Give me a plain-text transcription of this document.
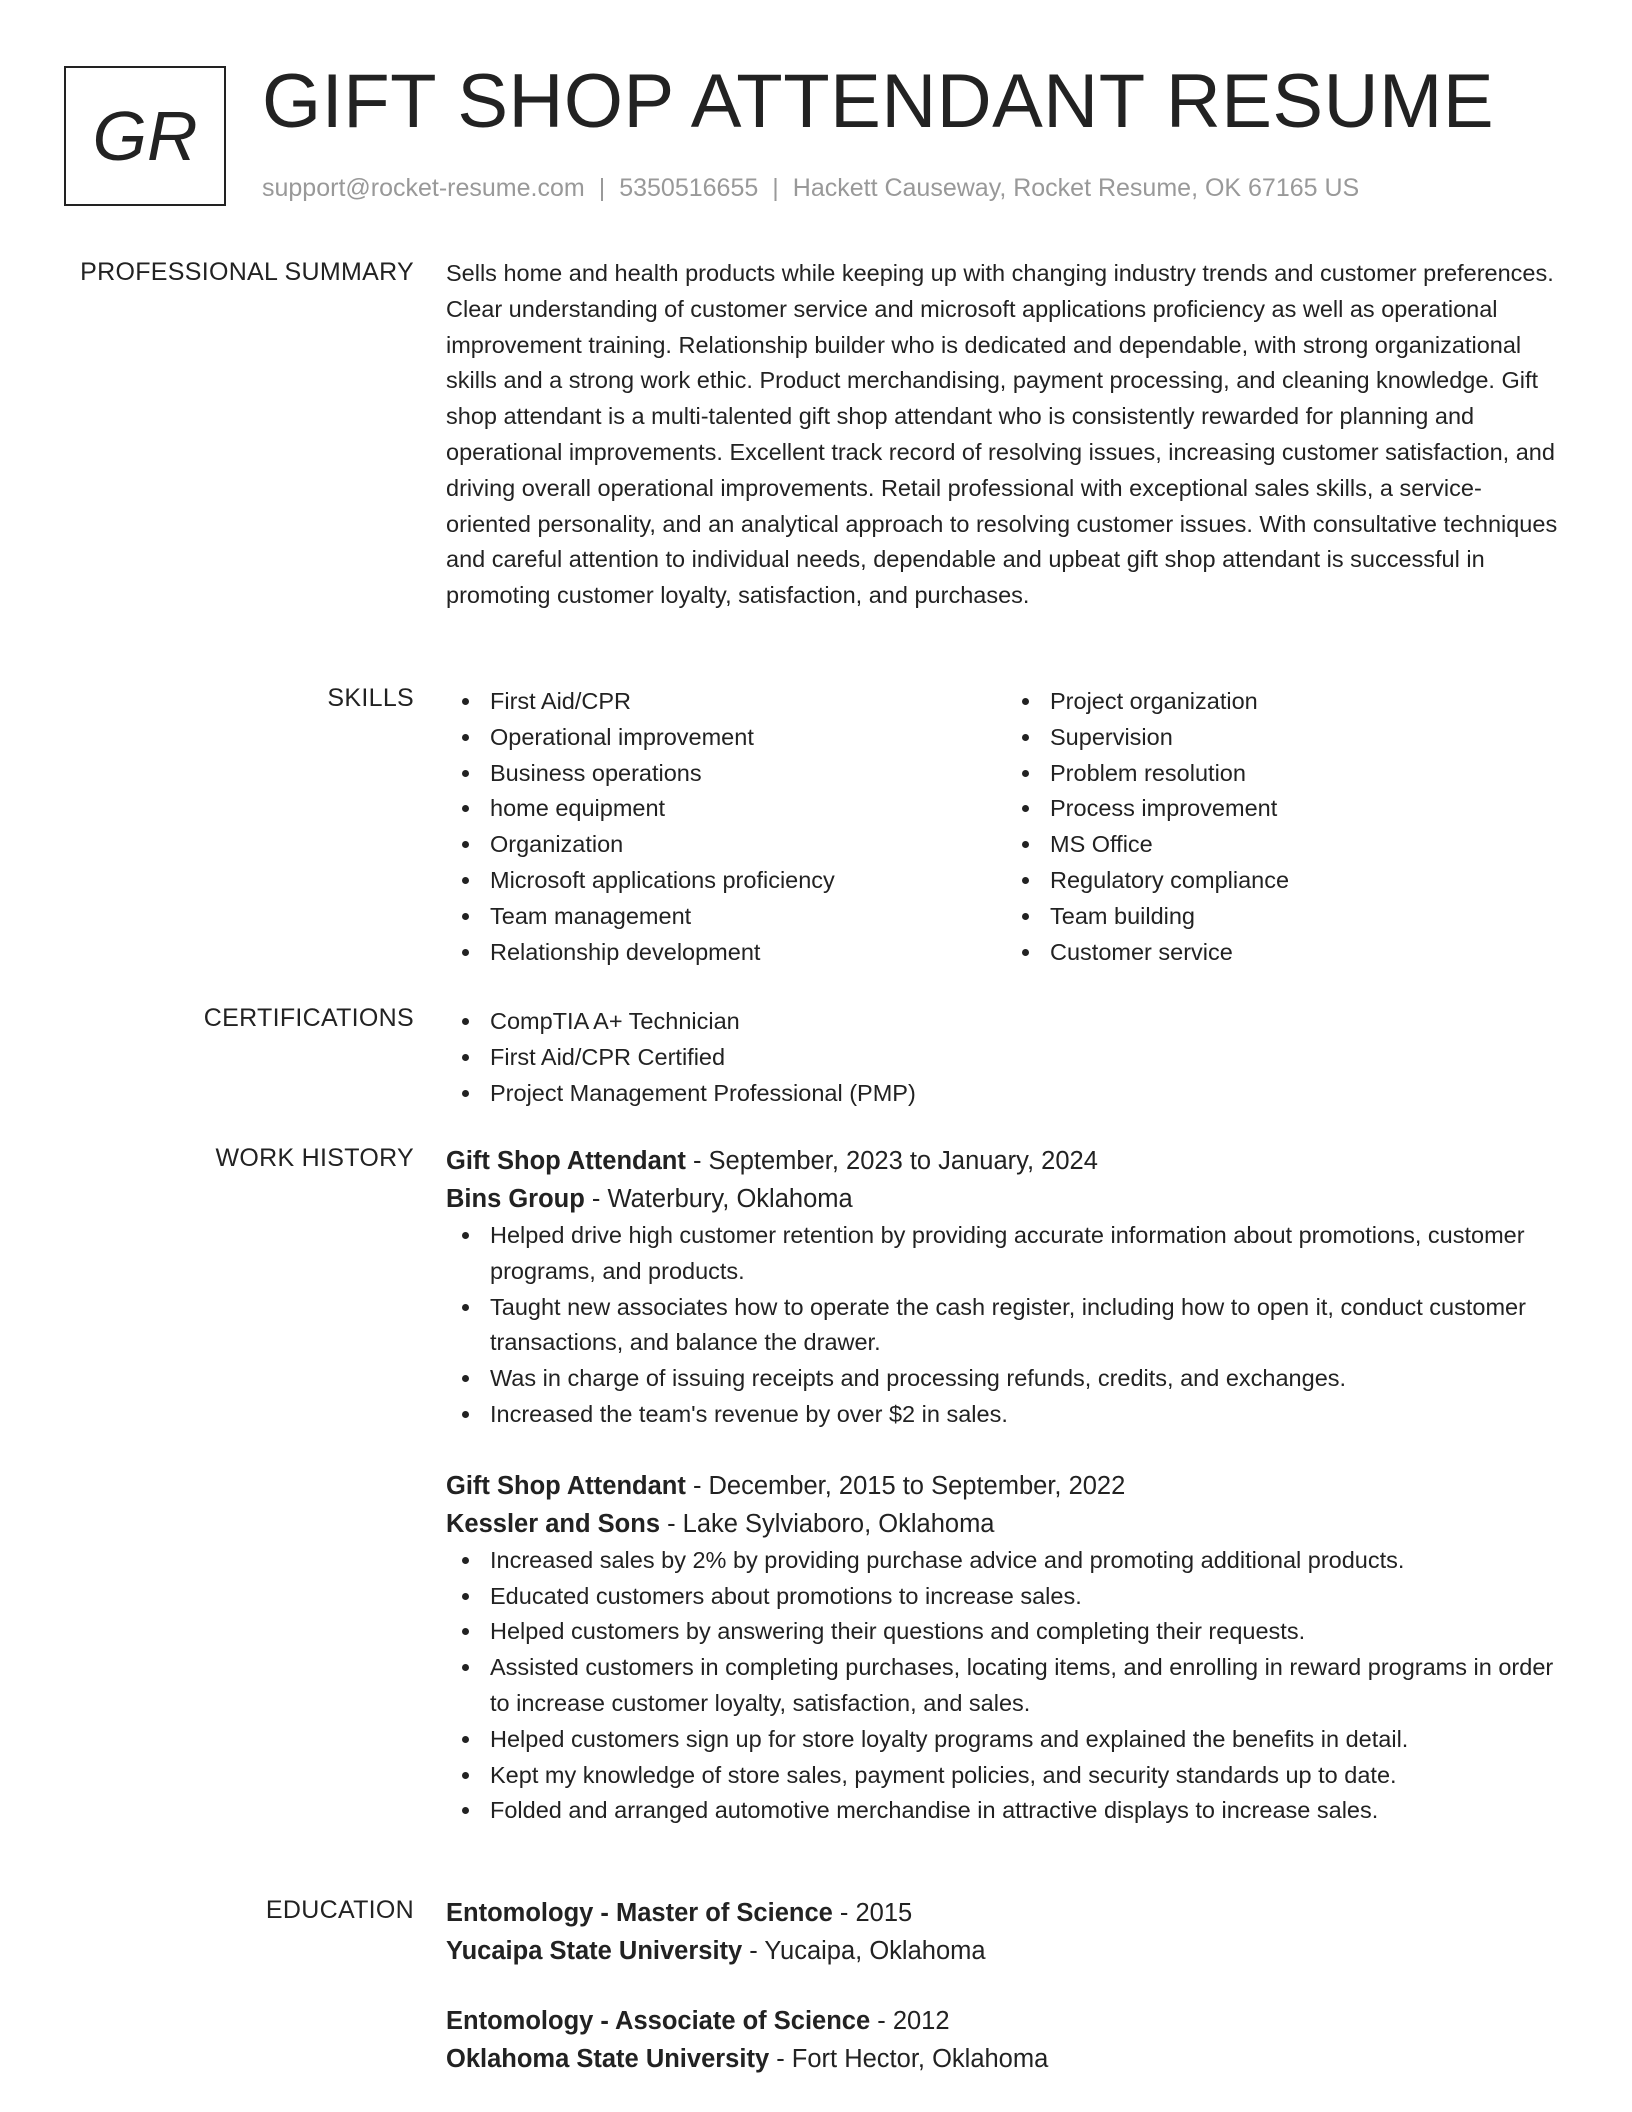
GR GIFT SHOP ATTENDANT RESUME
support@rocket-resume.com | 5350516655 | Hackett Causeway, Rocket Resume, OK 67165 US
PROFESSIONAL SUMMARY Sells home and health products while keeping up with changing industry trends and customer preferences. Clear understanding of customer service and microsoft applications proficiency as well as operational improvement training. Relationship builder who is dedicated and dependable, with strong organizational skills and a strong work ethic. Product merchandising, payment processing, and cleaning knowledge. Gift shop attendant is a multi-talented gift shop attendant who is consistently rewarded for planning and operational improvements. Excellent track record of resolving issues, increasing customer satisfaction, and driving overall operational improvements. Retail professional with exceptional sales skills, a service-oriented personality, and an analytical approach to resolving customer issues. With consultative techniques and careful attention to individual needs, dependable and upbeat gift shop attendant is successful in promoting customer loyalty, satisfaction, and purchases.

SKILLS	First Aid/CPR
Operational improvement
Business operations
home equipment
Organization
Microsoft applications proficiency
Team management
Relationship development
Project organization
Supervision
Problem resolution
Process improvement
MS Office
Regulatory compliance
Team building
Customer service
CERTIFICATIONS	CompTIA A+ Technician
First Aid/CPR Certified
Project Management Professional (PMP)
WORK HISTORY Gift Shop Attendant - September, 2023 to January, 2024
Bins Group - Waterbury, Oklahoma
Helped drive high customer retention by providing accurate information about promotions, customer programs, and products.
Taught new associates how to operate the cash register, including how to open it, conduct customer transactions, and balance the drawer.
Was in charge of issuing receipts and processing refunds, credits, and exchanges.
Increased the team's revenue by over $2 in sales.
Gift Shop Attendant - December, 2015 to September, 2022
Kessler and Sons - Lake Sylviaboro, Oklahoma
Increased sales by 2% by providing purchase advice and promoting additional products.
Educated customers about promotions to increase sales.
Helped customers by answering their questions and completing their requests.
Assisted customers in completing purchases, locating items, and enrolling in reward programs in order to increase customer loyalty, satisfaction, and sales.
Helped customers sign up for store loyalty programs and explained the benefits in detail.
Kept my knowledge of store sales, payment policies, and security standards up to date.
Folded and arranged automotive merchandise in attractive displays to increase sales.
EDUCATION Entomology - Master of Science - 2015
Yucaipa State University - Yucaipa, Oklahoma
Entomology - Associate of Science - 2012
Oklahoma State University - Fort Hector, Oklahoma
